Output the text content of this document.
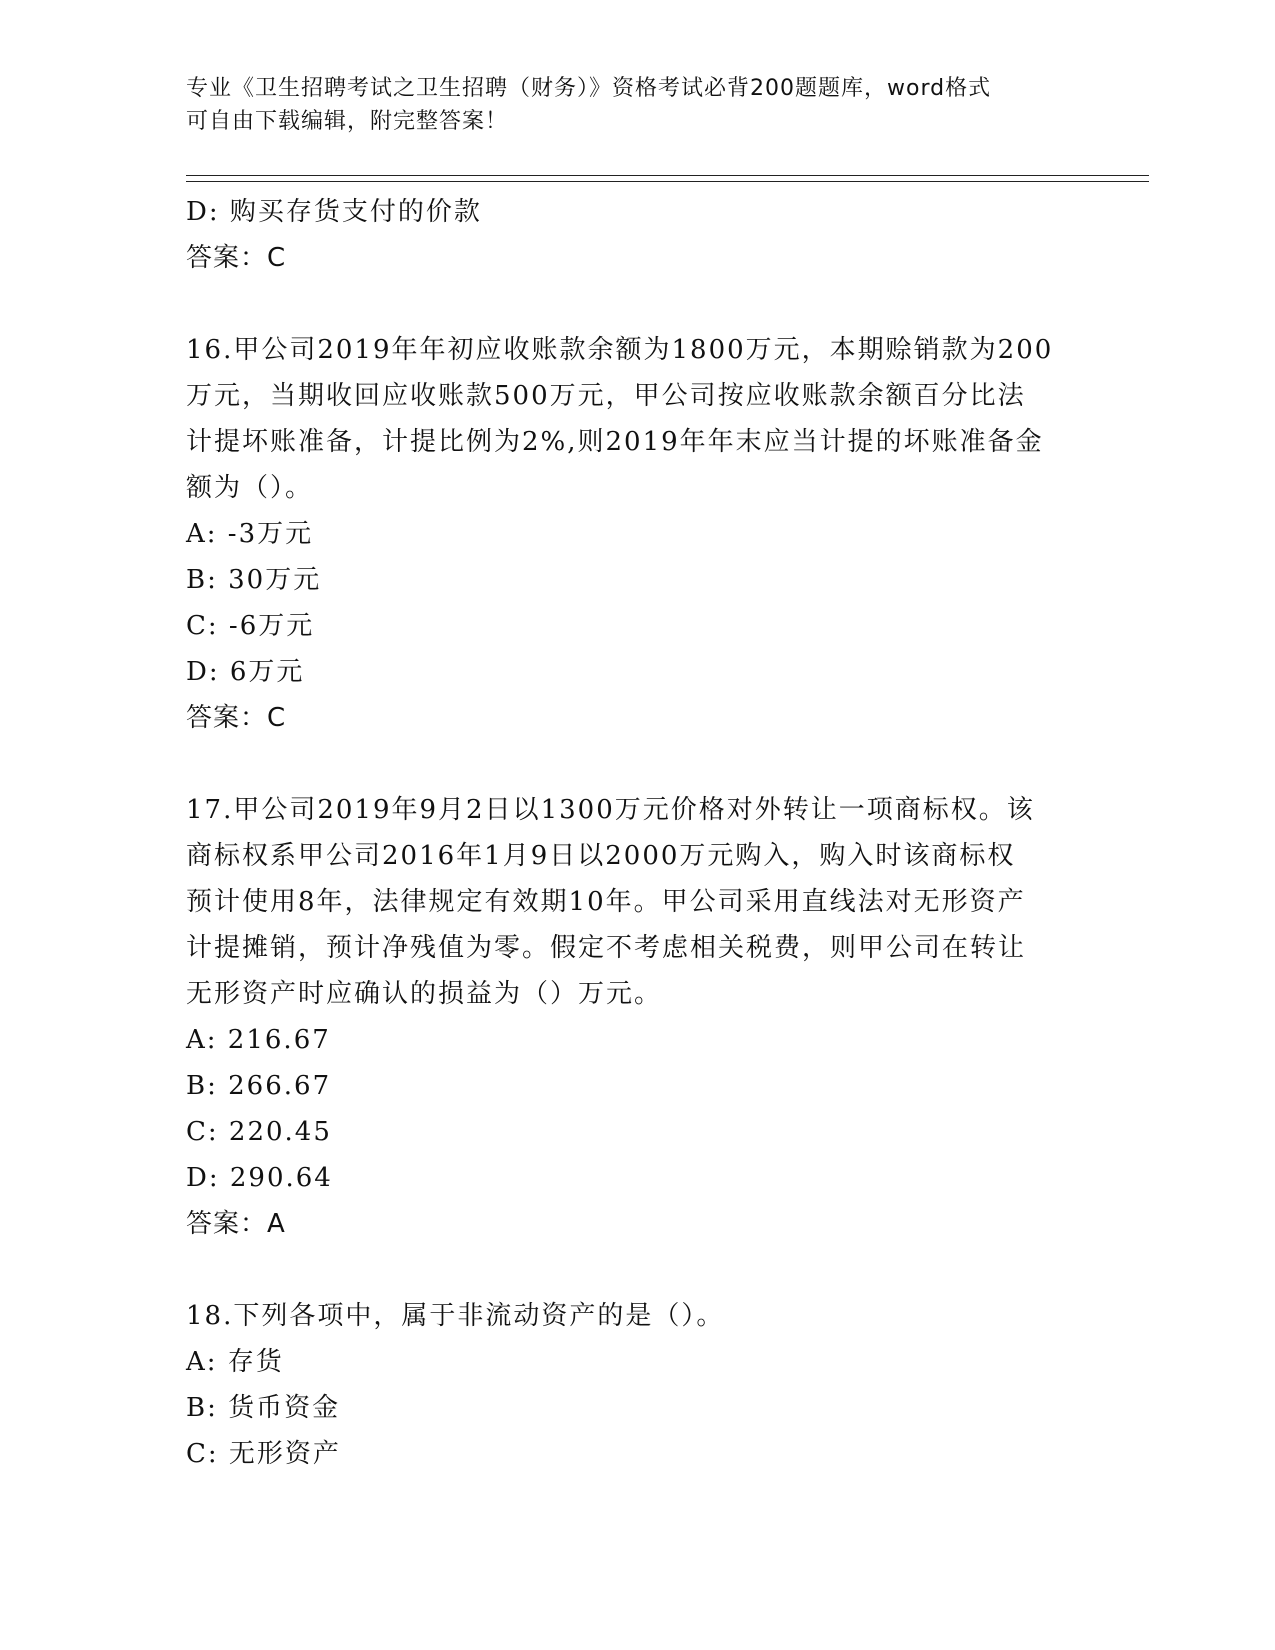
专业《卫生招聘考试之卫生招聘（财务）》资格考试必背200题题库，word格式
可自由下载编辑，附完整答案！
D: 购买存货支付的价款
答案：C
16.甲公司2019年年初应收账款余额为1800万元，本期赊销款为200
万元，当期收回应收账款500万元，甲公司按应收账款余额百分比法
计提坏账准备，计提比例为2%,则2019年年末应当计提的坏账准备金
额为（）。
A: -3万元
B: 30万元
C: -6万元
D: 6万元
答案：C
17.甲公司2019年9月2日以1300万元价格对外转让一项商标权。该
商标权系甲公司2016年1月9日以2000万元购入，购入时该商标权
预计使用8年，法律规定有效期10年。甲公司采用直线法对无形资产
计提摊销，预计净残值为零。假定不考虑相关税费，则甲公司在转让
无形资产时应确认的损益为（）万元。
A: 216.67
B: 266.67
C: 220.45
D: 290.64
答案：A
18.下列各项中，属于非流动资产的是（）。
A: 存货
B: 货币资金
C: 无形资产
